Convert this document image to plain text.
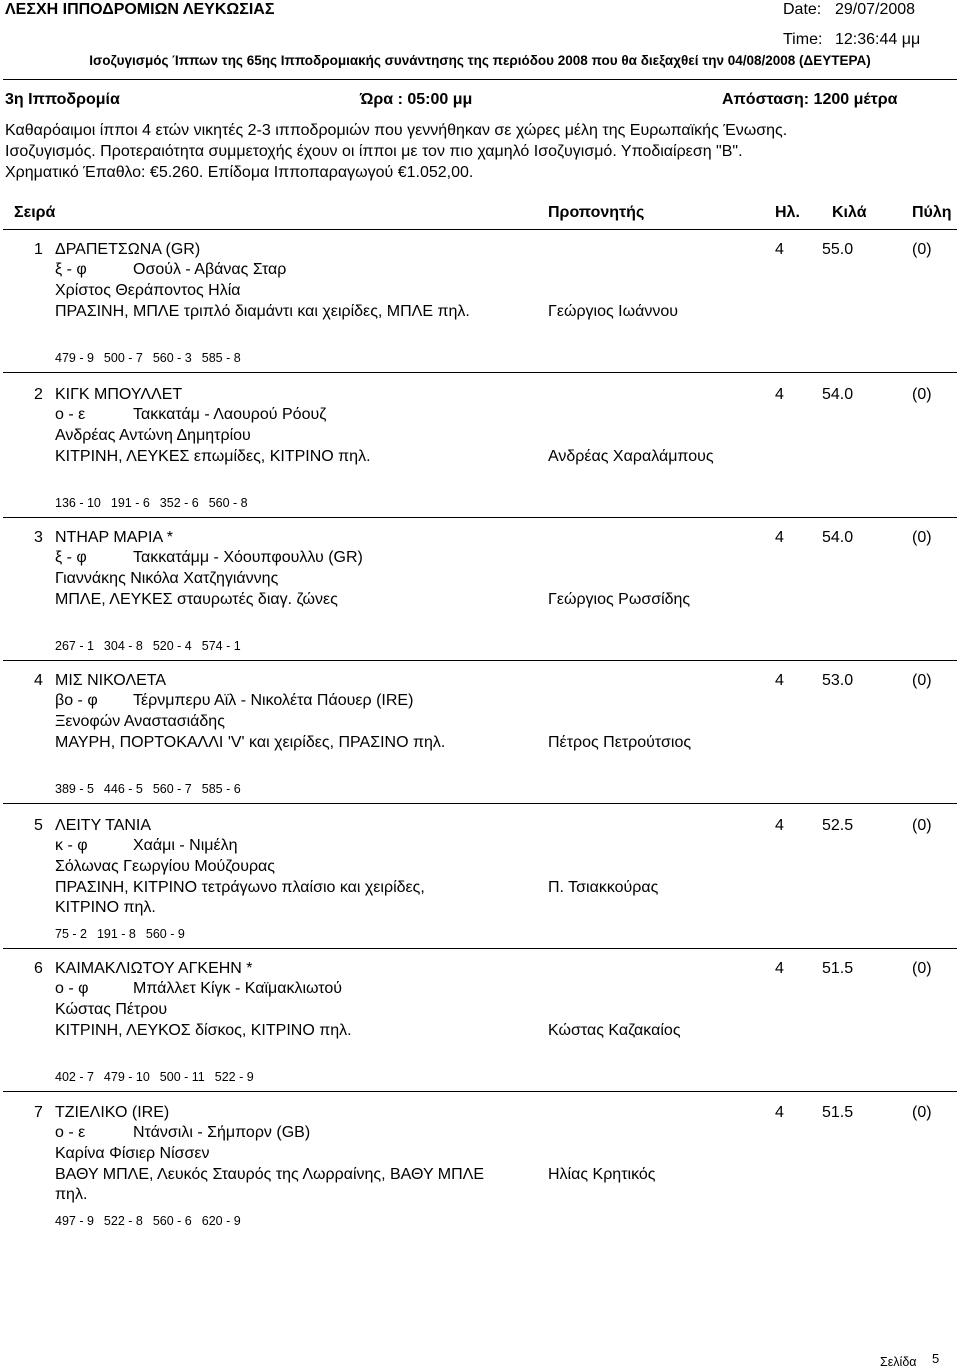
ΛΕΣΧΗ ΙΠΠΟΔΡΟΜΙΩΝ ΛΕΥΚΩΣΙΑΣ	Date: 29/07/2008
Time: 12:36:44 μμ
Ισοζυγισμός Ίππων της 65ης Ιπποδρομιακής συνάντησης της περιόδου 2008 που θα διεξαχθεί την 04/08/2008 (ΔΕΥΤΕΡΑ)
3η Ιπποδρομία	Ώρα : 05:00 μμ	Απόσταση: 1200 μέτρα
Καθαρόαιμοι ίπποι 4 ετών νικητές 2-3 ιπποδρομιών που γεννήθηκαν σε χώρες μέλη της Ευρωπαϊκής Ένωσης.
Ισοζυγισμός. Προτεραιότητα συμμετοχής έχουν οι ίπποι με τον πιο χαμηλό Ισοζυγισμό. Υποδιαίρεση "Β".
Χρηματικό Έπαθλο: €5.260. Επίδομα Ιπποπαραγωγού €1.052,00.
Σειρά	Προπονητής	Ηλ. Κιλά	Πύλη
1 ΔΡΑΠΕΤΣΩΝΑ (GR)	4 55.0	(0)
ξ - φ	Οσούλ - Αβάνας Σταρ
Χρίστος Θεράποντος Ηλία
ΠΡΑΣΙΝΗ, ΜΠΛΕ τριπλό διαμάντι και χειρίδες, ΜΠΛΕ πηλ.	Γεώργιος Ιωάννου
479 - 9 500 - 7 560 - 3 585 - 8
2 ΚΙΓΚ ΜΠΟΥΛΛΕΤ	4 54.0	(0)
ο - ε	Τακκατάμ - Λαουρού Ρόουζ
Ανδρέας Αντώνη Δημητρίου
ΚΙΤΡΙΝΗ, ΛΕΥΚΕΣ επωμίδες, ΚΙΤΡΙΝΟ πηλ.	Ανδρέας Χαραλάμπους
136 - 10 191 - 6 352 - 6 560 - 8
3 ΝΤΗΑΡ ΜΑΡΙΑ *	4 54.0	(0)
ξ - φ	Τακκατάμμ - Χόουπφουλλυ (GR)
Γιαννάκης Νικόλα Χατζηγιάννης
ΜΠΛΕ, ΛΕΥΚΕΣ σταυρωτές διαγ. ζώνες	Γεώργιος Ρωσσίδης
267 - 1 304 - 8 520 - 4 574 - 1
4 ΜΙΣ ΝΙΚΟΛΕΤΑ	4 53.0	(0)
βο - φ Τέρνμπερυ Αϊλ - Νικολέτα Πάουερ (IRE)
Ξενοφών Αναστασιάδης
ΜΑΥΡΗ, ΠΟΡΤΟΚΑΛΛΙ 'V' και χειρίδες, ΠΡΑΣΙΝΟ πηλ.	Πέτρος Πετρούτσιος
389 - 5 446 - 5 560 - 7 585 - 6
5 ΛΕΙΤΥ ΤΑΝΙΑ	4 52.5	(0)
κ - φ	Χαάμι - Νιμέλη
Σόλωνας Γεωργίου Μούζουρας
ΠΡΑΣΙΝΗ, ΚΙΤΡΙΝΟ τετράγωνο πλαίσιο και χειρίδες,
ΚΙΤΡΙΝΟ πηλ.
Π. Τσιακκούρας
75 - 2 191 - 8 560 - 9
6 ΚΑΙΜΑΚΛΙΩΤΟΥ ΑΓΚΕΗΝ *	4 51.5	(0)
ο - φ	Μπάλλετ Κίγκ - Καϊμακλιωτού
Κώστας Πέτρου
ΚΙΤΡΙΝΗ, ΛΕΥΚΟΣ δίσκος, ΚΙΤΡΙΝΟ πηλ.	Κώστας Καζακαίος
402 - 7 479 - 10 500 - 11 522 - 9
7 ΤΖΙΕΛΙΚΟ (IRE)	4 51.5	(0)
ο - ε	Ντάνσιλι - Σήμπορν (GB)
Καρίνα Φίσιερ Νίσσεν
ΒΑΘΥ ΜΠΛΕ, Λευκός Σταυρός της Λωρραίνης, ΒΑΘΥ ΜΠΛΕ
πηλ.
Ηλίας Κρητικός
497 - 9 522 - 8 560 - 6 620 - 9
Σελίδα 5
